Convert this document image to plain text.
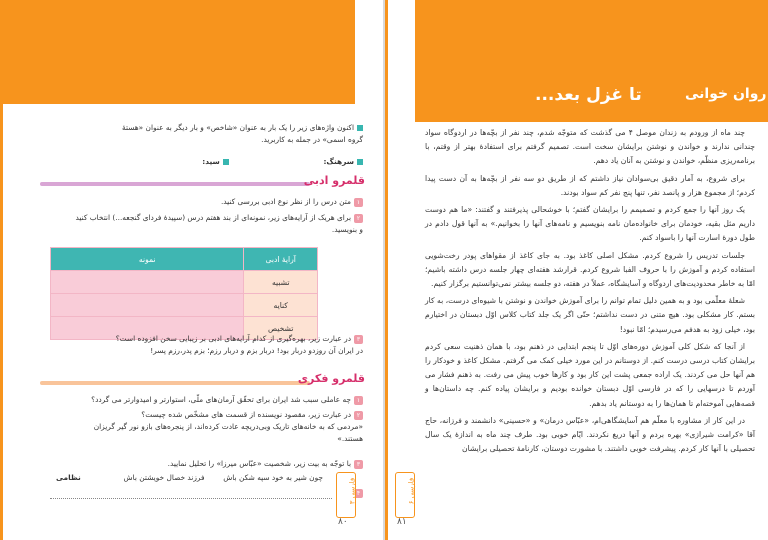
اکنون واژه‌های زیر را یک بار به عنوان «شاخص» و بار دیگر به عنوان «هستهٔ
گروه اسمی» در جمله به کاربرید.
سرهنگ:  سید:
قلمرو ادبی
۱متن درس را از نظر نوع ادبی بررسی کنید.
۲برای هریک از آرایه‌های زیر، نمونه‌ای از بند هفتم درس (سپیدهٔ فردای گنجعه...) انتخاب کنید
و بنویسید.
نمونه	آرایهٔ ادبی
	تشبیه
	کنایه
	تشخیص
۳در عبارت زیر، بهره‌گیری از کدام آرایه‌های ادبی بر زیبایی سخن افزوده است؟
در ایران آن روزدو دربار بود! دربار بزم و دربار رزم؛ بزم پدر،رزم پسر!
قلمرو فکری
۱چه عاملی سبب شد ایران برای تحقّق آرمان‌های ملّی، استوارتر و امیدوارتر می گردد؟
۲در عبارت زیر، مقصود نویسنده از قسمت های مشخّص شده چیست؟
«مردمی که به خانه‌های تاریک وبی‌دریچه عادت کرده‌اند، از پنجره‌های بازو نور گیر گریزان
هستند.»
۳با توجّه به بیت زیر، شخصیت «عبّاس میرزا» را تحلیل نمایید.
چون شیر به خود سپه شکن باش  فرزند خصال خویشتن باش  نظامی
۴
فارسی ۳
۸۰
تا غزل بعد...	روان خوانی

چند ماه از ورودم به زندان موصل ۴ می گذشت که متوجّه شدم، چند نفر از بچّه‌ها در اردوگاه سواد چندانی ندارند و خواندن و نوشتن برایشان سخت است. تصمیم گرفتم برای استفادهٔ بهتر از وقتم، با برنامه‌ریزی منظّم، خواندن و نوشتن به آنان یاد دهم.

برای شروع، به آمار دقیق بی‌سوادان نیاز داشتم که از طریق دو سه نفر از بچّه‌ها به آن دست پیدا کردم؛ از مجموع هزار و پانصد نفر، تنها پنج نفر کم سواد بودند.

یک روز آنها را جمع کردم و تصمیمم را برایشان گفتم؛ با خوشحالی پذیرفتند و گفتند: «ما هم دوست داریم مثل بقیه، خودمان برای خانواده‌مان نامه بنویسیم و نامه‌های آنها را بخوانیم.» به آنها قول دادم در طول دورهٔ اسارت آنها را باسواد کنم.

جلسات تدریس را شروع کردم. مشکل اصلی کاغذ بود. به جای کاغذ از مقواهای پودر رخت‌شویی استفاده کردم و آموزش را با حروف الفبا شروع کردم. قرارشد هفته‌ای چهار جلسه درس داشته باشیم؛ امّا به خاطر محدودیت‌های اردوگاه و آسایشگاه، عملاً در هفته، دو جلسه بیشتر نمی‌توانستیم برگزار کنیم.

شعلهٔ معلّمی بود و به همین دلیل تمام توانم را برای آموزش خواندن و نوشتن با شیوه‌ای درست، به کار بستم. کار مشکلی بود. هیچ متنی در دست نداشتم؛ حتّی اگر یک جلد کتاب کلاس اوّل دبستان در اختیارم بود، خیلی زود به هدفم می‌رسیدم؛ امّا نبود!

از آنجا که شکل کلی آموزش دوره‌های اوّل تا پنجم ابتدایی در ذهنم بود، با همان ذهنیت سعی کردم برایشان کتاب درسی درست کنم. از دوستانم در این مورد خیلی کمک می گرفتم. مشکل کاغذ و خودکار را هم آنها حل می کردند. یک اراده جمعی پشت این کار بود و کارها خوب پیش می رفت. به ذهنم فشار می آوردم تا درسهایی را که در فارسی اوّل دبستان خوانده بودیم و برایشان پیاده کنم. چه داستان‌ها و قصه‌هایی آموخته‌ام تا همان‌ها را به دوستانم یاد بدهم.

در این کار از مشاوره با معلّم هم آسایشگاهی‌ام، «عبّاس درمان» و «حسینی» دانشمند و فرزانه، حاج آقا «کرامت شیرازی» بهره بردم و آنها دریغ نکردند. ایّام خوبی بود. طرف چند ماه به اندازهٔ یک سال تحصیلی با آنها کار کردم. پیشرفت خوبی داشتند. با مشورت دوستان، کارنامهٔ تحصیلی برایشان

فارسی ۶
۸۱
